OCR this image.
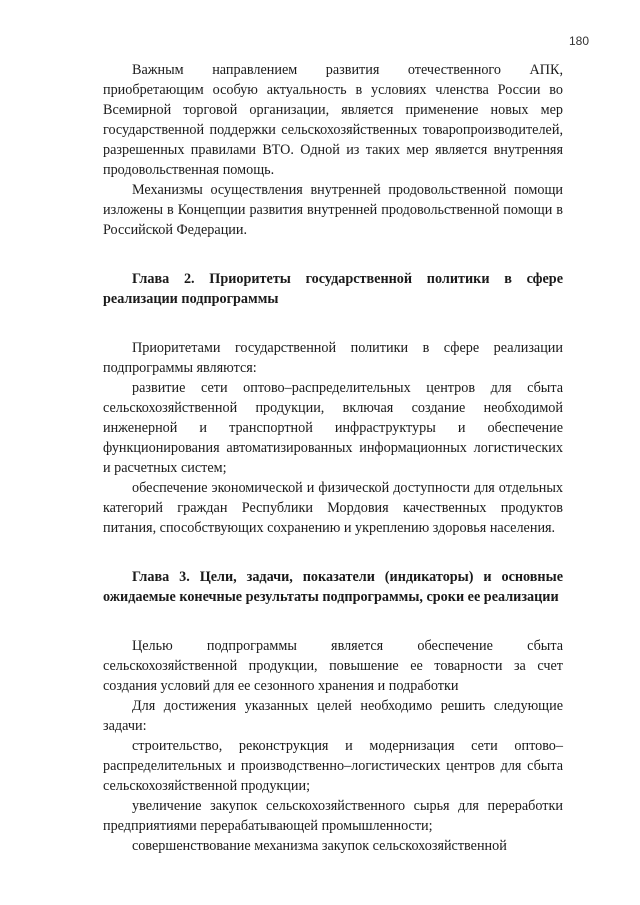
180

Важным направлением развития отечественного АПК, приобретающим особую актуальность в условиях членства России во Всемирной торговой организации, является применение новых мер государственной поддержки сельскохозяйственных товаропроизводителей, разрешенных правилами ВТО. Одной из таких мер является внутренняя продовольственная помощь.

Механизмы осуществления внутренней продовольственной помощи изложены в Концепции развития внутренней продовольственной помощи в Российской Федерации.

Глава 2. Приоритеты государственной политики в сфере реализации подпрограммы

Приоритетами государственной политики в сфере реализации подпрограммы являются:

развитие сети оптово–распределительных центров для сбыта сельскохозяйственной продукции, включая создание необходимой инженерной и транспортной инфраструктуры и обеспечение функционирования автоматизированных информационных логистических и расчетных систем;

обеспечение экономической и физической доступности для отдельных категорий граждан Республики Мордовия качественных продуктов питания, способствующих сохранению и укреплению здоровья населения.

Глава 3. Цели, задачи, показатели (индикаторы) и основные ожидаемые конечные результаты подпрограммы, сроки ее реализации

Целью подпрограммы является обеспечение сбыта сельскохозяйственной продукции, повышение ее товарности за счет создания условий для ее сезонного хранения и подработки

Для достижения указанных целей необходимо решить следующие задачи:

строительство, реконструкция и модернизация сети оптово–распределительных и производственно–логистических центров для сбыта сельскохозяйственной продукции;

увеличение закупок сельскохозяйственного сырья для переработки предприятиями перерабатывающей промышленности;

совершенствование механизма закупок сельскохозяйственной
